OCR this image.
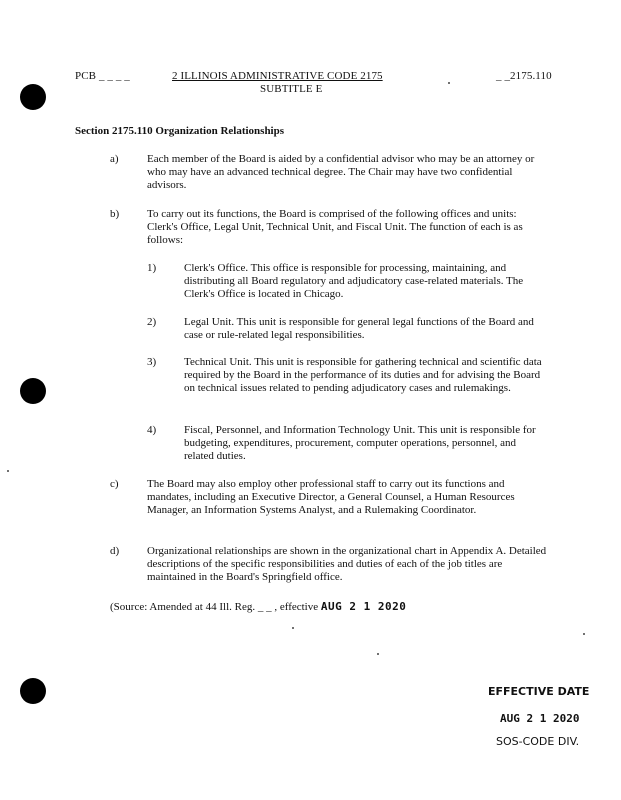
PCB _ _ _ _	2 ILLINOIS ADMINISTRATIVE CODE 2175	_ _2175.110
SUBTITLE E
Section 2175.110 Organization Relationships
a)	Each member of the Board is aided by a confidential advisor who may be an attorney or who may have an advanced technical degree. The Chair may have two confidential advisors.
b)	To carry out its functions, the Board is comprised of the following offices and units: Clerk's Office, Legal Unit, Technical Unit, and Fiscal Unit. The function of each is as follows:
1)	Clerk's Office. This office is responsible for processing, maintaining, and distributing all Board regulatory and adjudicatory case-related materials. The Clerk's Office is located in Chicago.
2)	Legal Unit. This unit is responsible for general legal functions of the Board and case or rule-related legal responsibilities.
3)	Technical Unit. This unit is responsible for gathering technical and scientific data required by the Board in the performance of its duties and for advising the Board on technical issues related to pending adjudicatory cases and rulemakings.
4)	Fiscal, Personnel, and Information Technology Unit. This unit is responsible for budgeting, expenditures, procurement, computer operations, personnel, and related duties.
c)	The Board may also employ other professional staff to carry out its functions and mandates, including an Executive Director, a General Counsel, a Human Resources Manager, an Information Systems Analyst, and a Rulemaking Coordinator.
d)	Organizational relationships are shown in the organizational chart in Appendix A. Detailed descriptions of the specific responsibilities and duties of each of the job titles are maintained in the Board's Springfield office.
(Source: Amended at 44 Ill. Reg. _ _ , effective AUG 2 1 2020
EFFECTIVE DATE
AUG 2 1 2020
SOS-CODE DIV.
